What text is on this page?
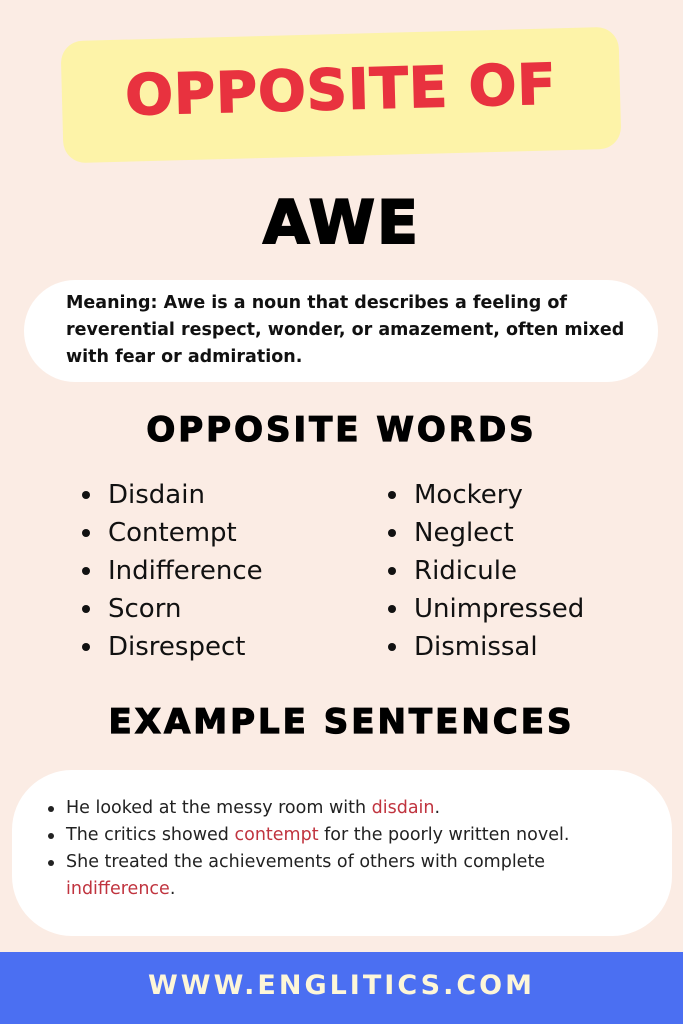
OPPOSITE OF
AWE
Meaning: Awe is a noun that describes a feeling of reverential respect, wonder, or amazement, often mixed with fear or admiration.
OPPOSITE WORDS
Disdain
Contempt
Indifference
Scorn
Disrespect
Mockery
Neglect
Ridicule
Unimpressed
Dismissal
EXAMPLE SENTENCES
He looked at the messy room with disdain.
The critics showed contempt for the poorly written novel.
She treated the achievements of others with complete indifference.
WWW.ENGLITICS.COM
